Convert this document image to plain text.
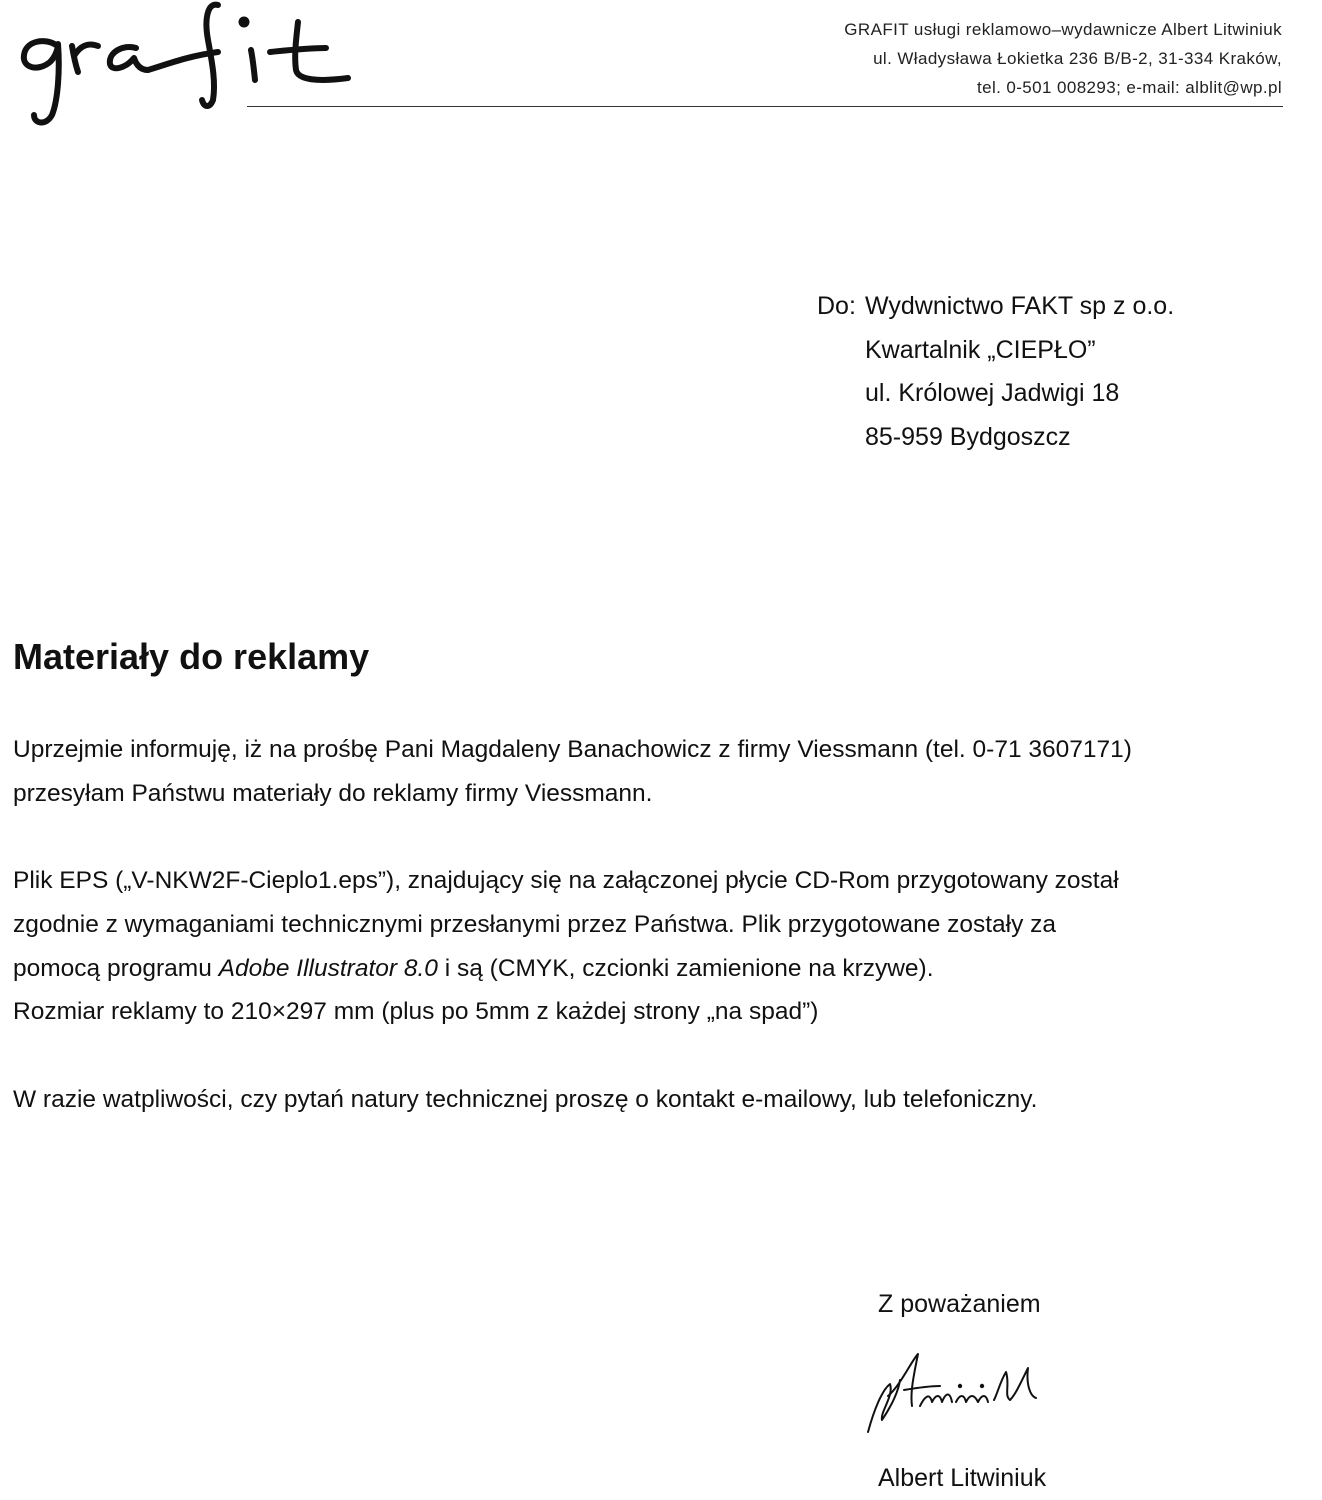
GRAFIT usługi reklamowo–wydawnicze Albert Litwiniuk
ul. Władysława Łokietka 236 B/B-2, 31-334 Kraków,
tel. 0-501 008293; e-mail: alblit@wp.pl
Do: Wydwnictwo FAKT sp z o.o.
Kwartalnik „CIEPŁO”
ul. Królowej Jadwigi 18
85-959 Bydgoszcz
Materiały do reklamy

Uprzejmie informuję, iż na prośbę Pani Magdaleny Banachowicz z firmy Viessmann (tel. 0-71 3607171)
przesyłam Państwu materiały do reklamy firmy Viessmann.

Plik EPS („V-NKW2F-Cieplo1.eps”), znajdujący się na załączonej płycie CD-Rom przygotowany został
zgodnie z wymaganiami technicznymi przesłanymi przez Państwa. Plik przygotowane zostały za
pomocą programu Adobe Illustrator 8.0 i są (CMYK, czcionki zamienione na krzywe).
Rozmiar reklamy to 210×297 mm (plus po 5mm z każdej strony „na spad”)

W razie watpliwości, czy pytań natury technicznej proszę o kontakt e-mailowy, lub telefoniczny.

Z poważaniem
Albert Litwiniuk
